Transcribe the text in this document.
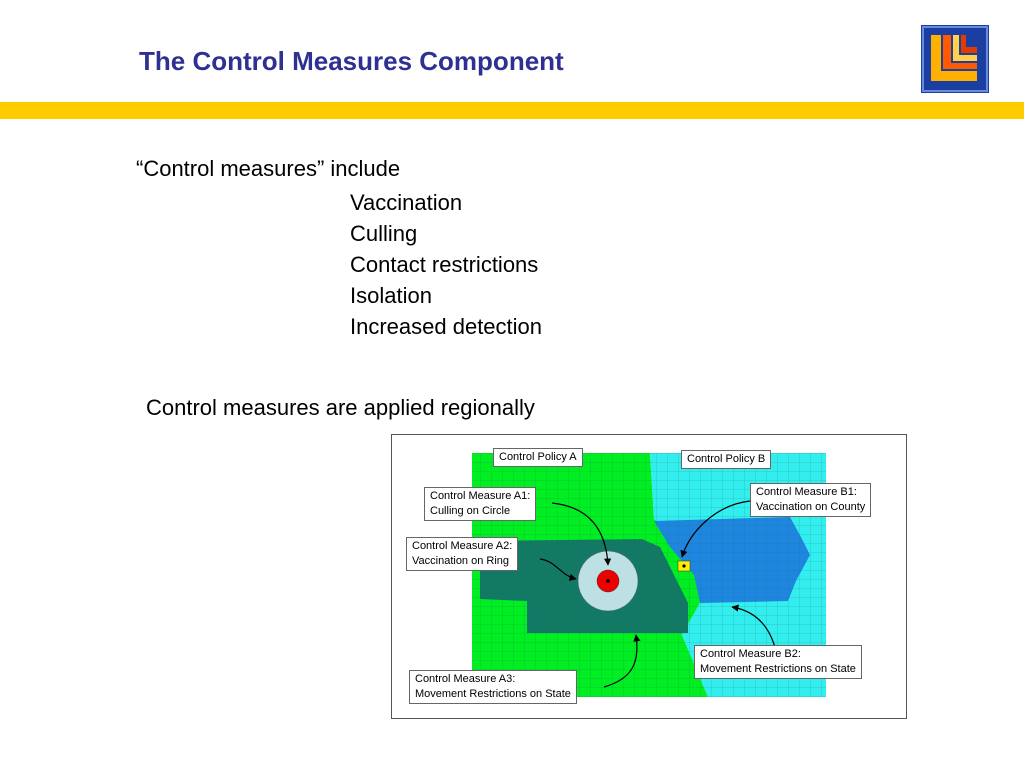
The Control Measures Component
“Control measures” include
Vaccination
Culling
Contact restrictions
Isolation
Increased detection
Control measures are applied regionally
Control Policy A	Control Policy B
Control Measure A1:
Culling on Circle
Control Measure A2:
Vaccination on Ring
Control Measure A3:
Movement Restrictions on State
Control Measure B1:
Vaccination on County
Control Measure B2:
Movement Restrictions on State
